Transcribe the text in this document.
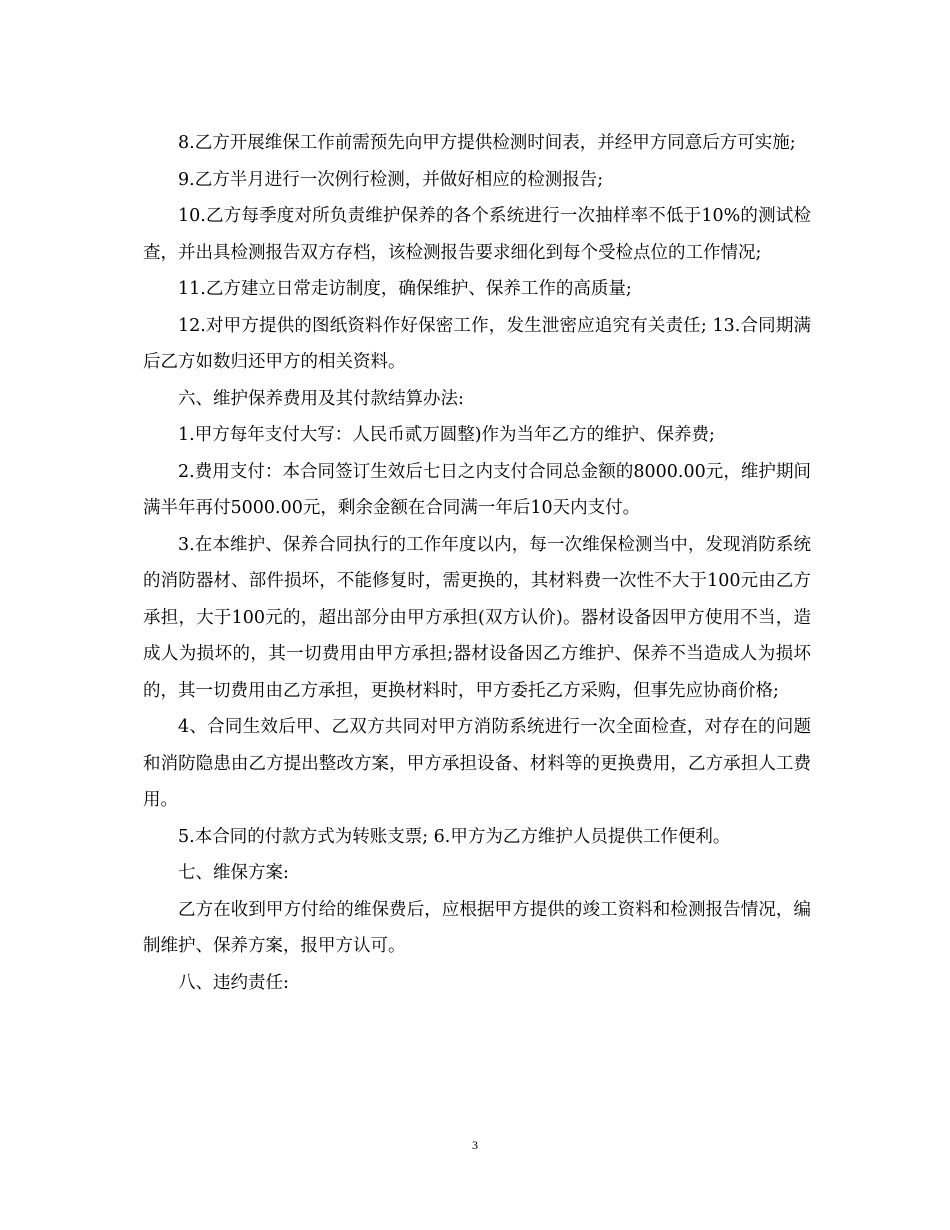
8.乙方开展维保工作前需预先向甲方提供检测时间表，并经甲方同意后方可实施;

9.乙方半月进行一次例行检测，并做好相应的检测报告;

10.乙方每季度对所负责维护保养的各个系统进行一次抽样率不低于10%的测试检查，并出具检测报告双方存档，该检测报告要求细化到每个受检点位的工作情况;

11.乙方建立日常走访制度，确保维护、保养工作的高质量;

12.对甲方提供的图纸资料作好保密工作，发生泄密应追究有关责任; 13.合同期满后乙方如数归还甲方的相关资料。

六、维护保养费用及其付款结算办法:

1.甲方每年支付大写：人民币贰万圆整)作为当年乙方的维护、保养费;

2.费用支付：本合同签订生效后七日之内支付合同总金额的8000.00元，维护期间满半年再付5000.00元，剩余金额在合同满一年后10天内支付。

3.在本维护、保养合同执行的工作年度以内，每一次维保检测当中，发现消防系统的消防器材、部件损坏，不能修复时，需更换的，其材料费一次性不大于100元由乙方承担，大于100元的，超出部分由甲方承担(双方认价)。器材设备因甲方使用不当，造成人为损坏的，其一切费用由甲方承担;器材设备因乙方维护、保养不当造成人为损坏的，其一切费用由乙方承担，更换材料时，甲方委托乙方采购，但事先应协商价格;

4、合同生效后甲、乙双方共同对甲方消防系统进行一次全面检查，对存在的问题和消防隐患由乙方提出整改方案，甲方承担设备、材料等的更换费用，乙方承担人工费用。

5.本合同的付款方式为转账支票; 6.甲方为乙方维护人员提供工作便利。

七、维保方案:

乙方在收到甲方付给的维保费后，应根据甲方提供的竣工资料和检测报告情况，编制维护、保养方案，报甲方认可。

八、违约责任:

3
